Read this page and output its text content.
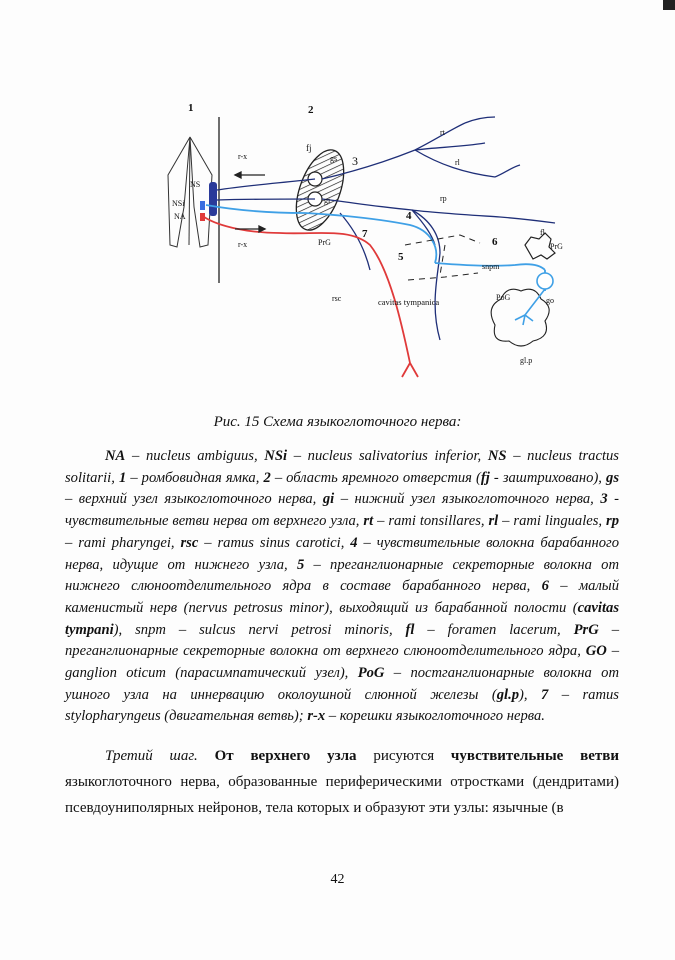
1	2
3
4
5
6
7
r-x
r-x
NS
NSi
NA
fj
gs
gi
rt
rl
rp
PrG	PrG
fl
snpm
rsc	cavitas tympanica	PoG	go
gl.p
Рис. 15 Схема языкоглоточного нерва:
NA – nucleus ambiguus, NSi – nucleus salivatorius inferior, NS – nucleus tractus solitarii, 1 – ромбовидная ямка, 2 – область яремного отверстия (fj - заштриховано), gs – верхний узел языкоглоточного нерва, gi – нижний узел языкоглоточного нерва, 3 - чувствительные ветви нерва от верхнего узла, rt – rami tonsillares, rl – rami linguales, rp – rami pharyngei, rsc – ramus sinus carotici, 4 – чувствительные волокна барабанного нерва, идущие от нижнего узла, 5 – преганглионарные секреторные волокна от нижнего слюноотделительного ядра в составе барабанного нерва, 6 – малый каменистый нерв (nervus petrosus minor), выходящий из барабанной полости (cavitas tympani), snpm – sulcus nervi petrosi minoris, fl – foramen lacerum, PrG – преганглионарные секреторные волокна от верхнего слюноотделительного ядра, GO – ganglion oticum (парасимпатический узел), PoG – постганглионарные волокна от ушного узла на иннервацию околоушной слюнной железы (gl.p), 7 – ramus stylopharyngeus (двигательная ветвь); r-x – корешки языкоглоточного нерва.
Третий шаг. От верхнего узла рисуются чувствительные ветви языкоглоточного нерва, образованные периферическими отростками (дендритами) псевдоуниполярных нейронов, тела которых и образуют эти узлы: язычные (в
42
